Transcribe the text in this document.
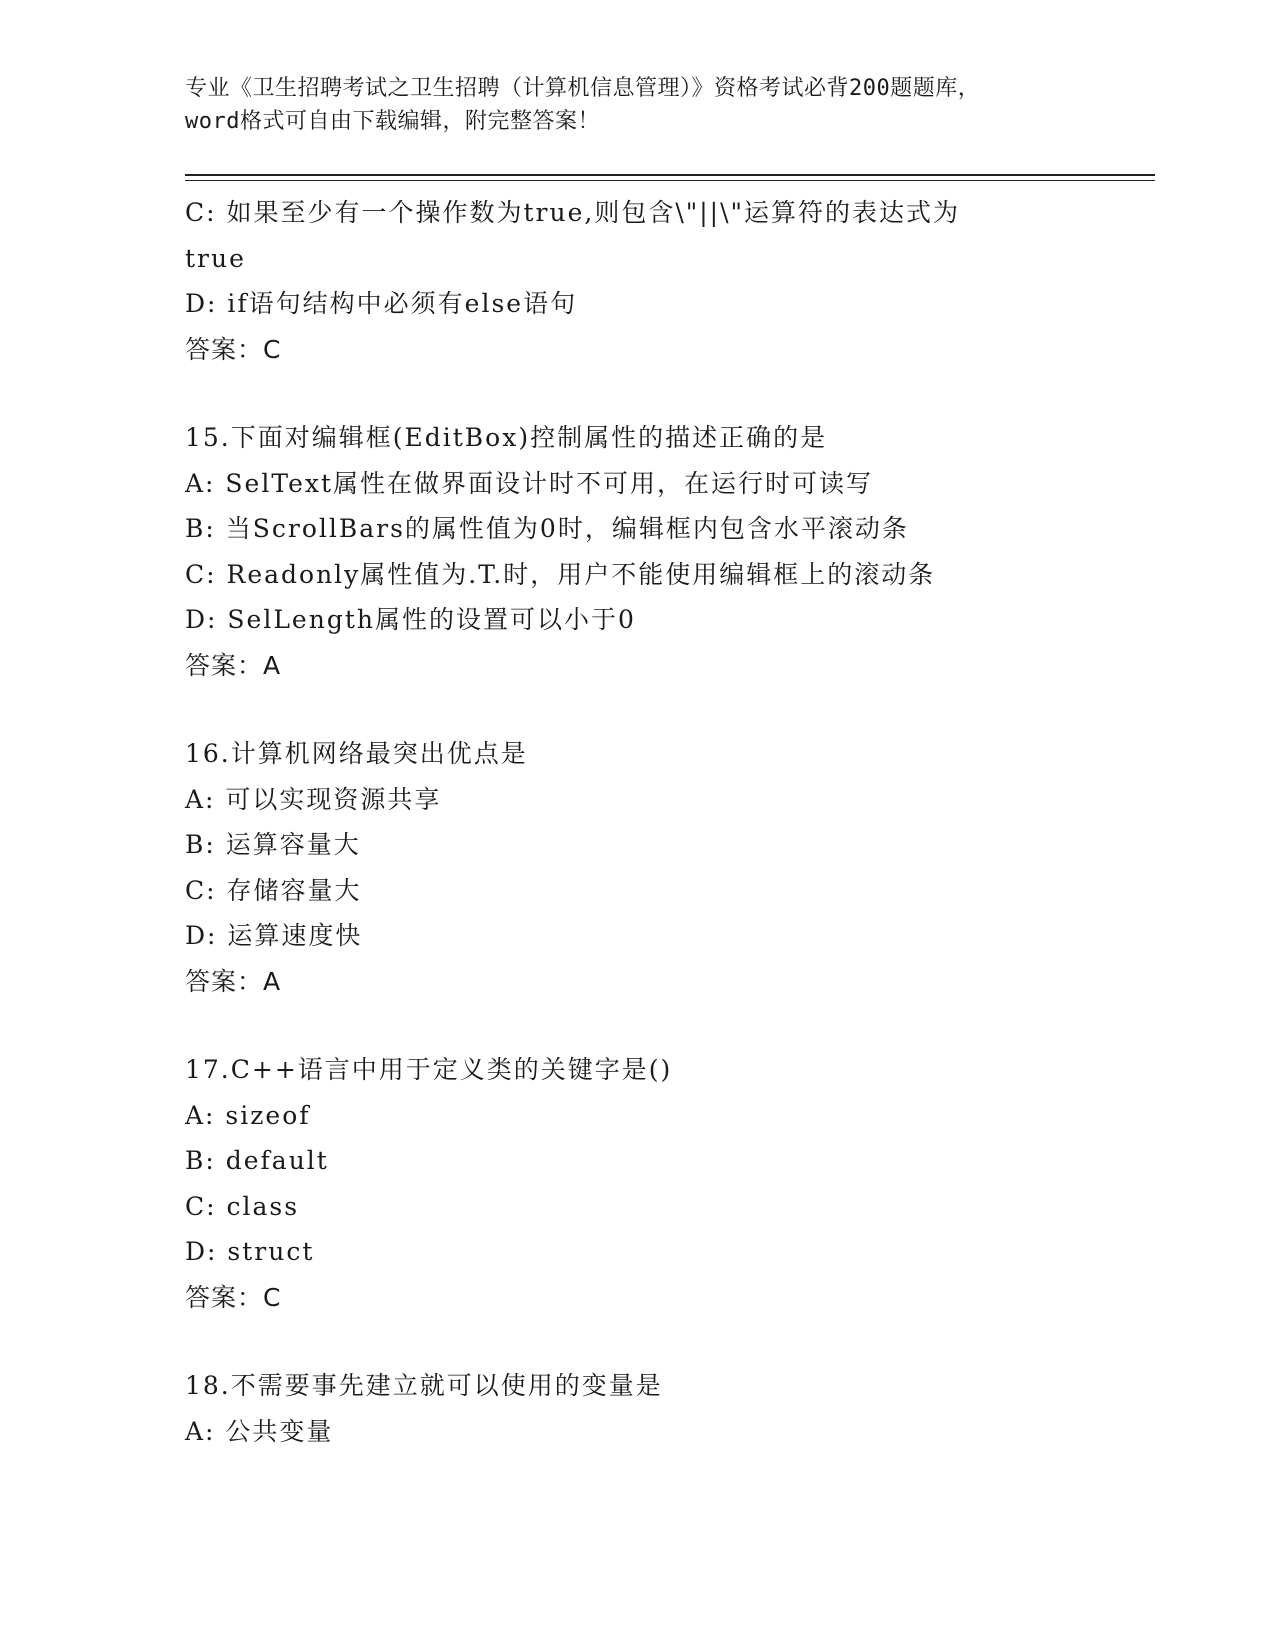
专业《卫生招聘考试之卫生招聘（计算机信息管理）》资格考试必背200题题库，
word格式可自由下载编辑，附完整答案！
C: 如果至少有一个操作数为true,则包含\"||\"运算符的表达式为
true
D: if语句结构中必须有else语句
答案：C
15.下面对编辑框(EditBox)控制属性的描述正确的是
A: SelText属性在做界面设计时不可用，在运行时可读写
B: 当ScrollBars的属性值为0时，编辑框内包含水平滚动条
C: Readonly属性值为.T.时，用户不能使用编辑框上的滚动条
D: SelLength属性的设置可以小于0
答案：A
16.计算机网络最突出优点是
A: 可以实现资源共享
B: 运算容量大
C: 存储容量大
D: 运算速度快
答案：A
17.C++语言中用于定义类的关键字是()
A: sizeof
B: default
C: class
D: struct
答案：C
18.不需要事先建立就可以使用的变量是
A: 公共变量
